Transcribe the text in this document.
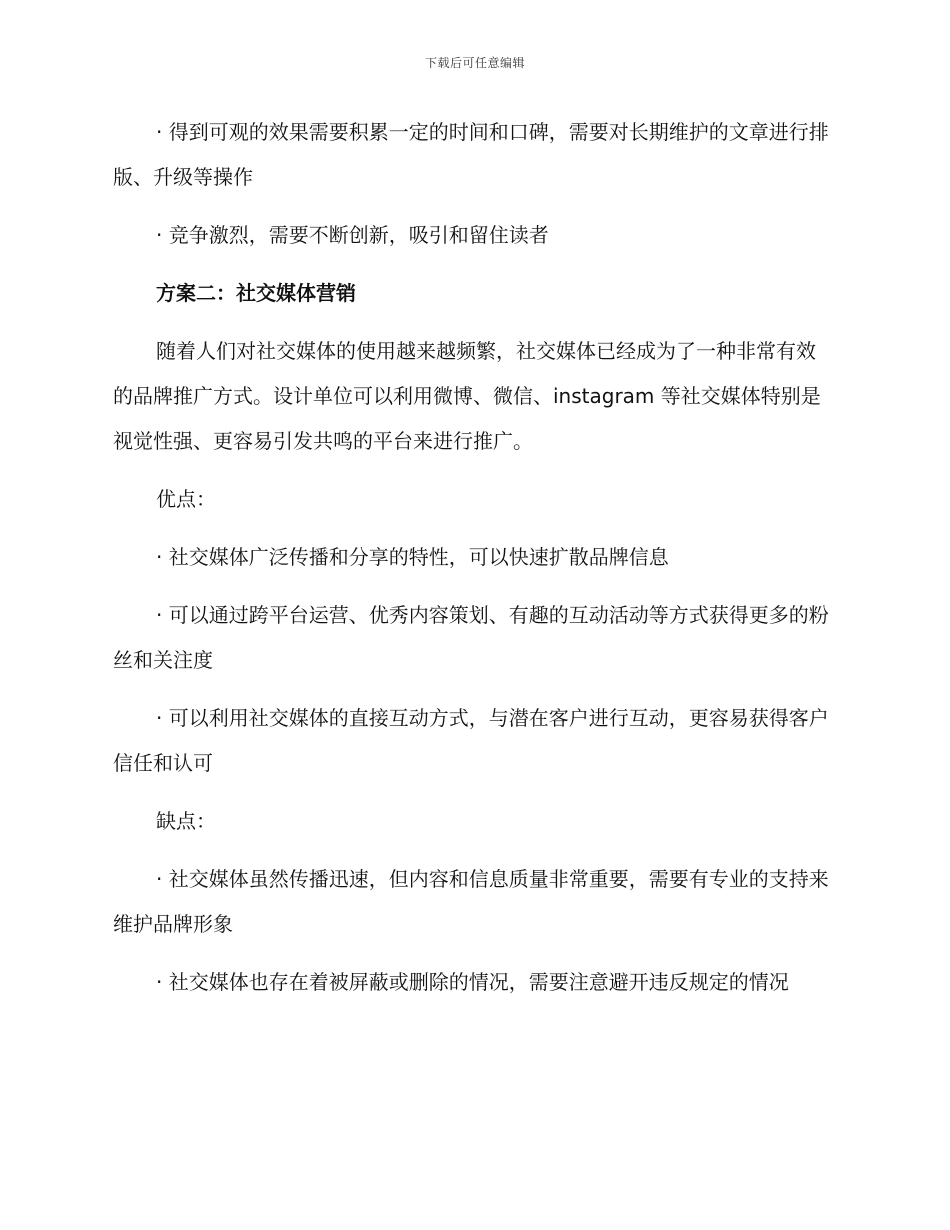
下载后可任意编辑

· 得到可观的效果需要积累一定的时间和口碑，需要对长期维护的文章进行排版、升级等操作

· 竞争激烈，需要不断创新，吸引和留住读者

方案二：社交媒体营销

随着人们对社交媒体的使用越来越频繁，社交媒体已经成为了一种非常有效的品牌推广方式。设计单位可以利用微博、微信、instagram 等社交媒体特别是视觉性强、更容易引发共鸣的平台来进行推广。

优点：

· 社交媒体广泛传播和分享的特性，可以快速扩散品牌信息

· 可以通过跨平台运营、优秀内容策划、有趣的互动活动等方式获得更多的粉丝和关注度

· 可以利用社交媒体的直接互动方式，与潜在客户进行互动，更容易获得客户信任和认可

缺点：

· 社交媒体虽然传播迅速，但内容和信息质量非常重要，需要有专业的支持来维护品牌形象

· 社交媒体也存在着被屏蔽或删除的情况，需要注意避开违反规定的情况
